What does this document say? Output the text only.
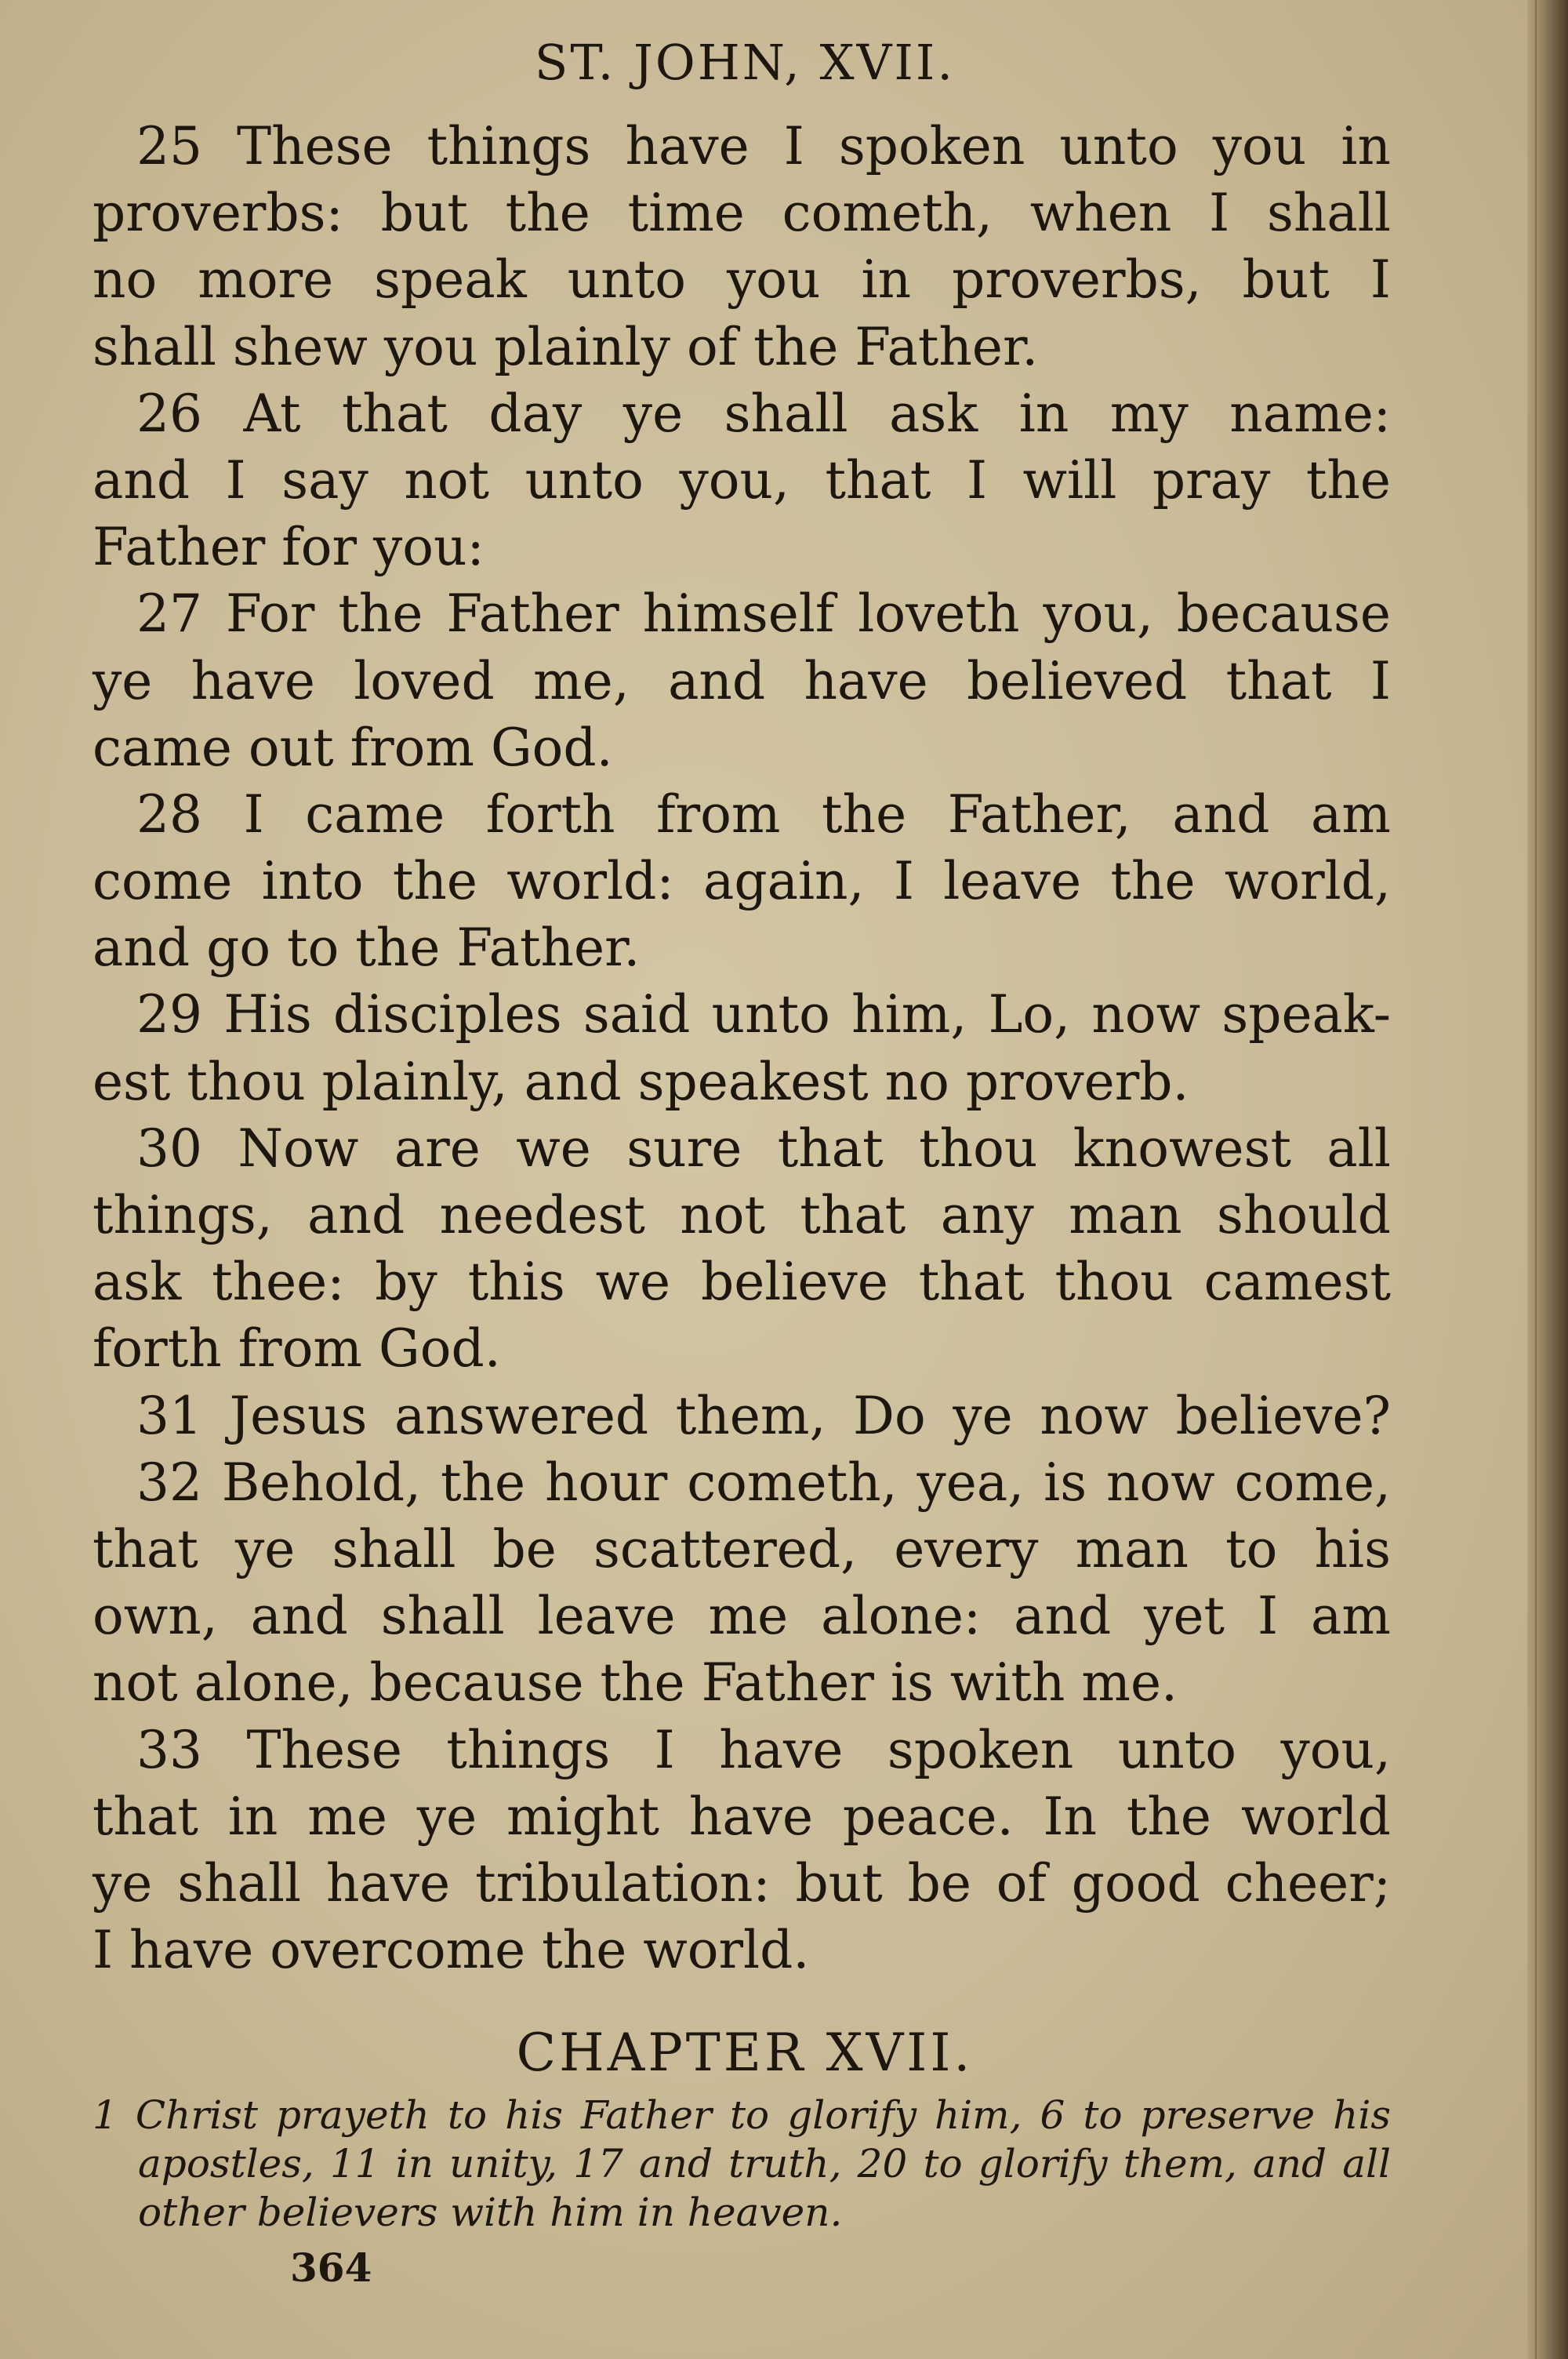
ST. JOHN, XVII.
25 These things have I spoken unto you in
proverbs: but the time cometh, when I shall
no more speak unto you in proverbs, but I
shall shew you plainly of the Father.
26 At that day ye shall ask in my name:
and I say not unto you, that I will pray the
Father for you:
27 For the Father himself loveth you, because
ye have loved me, and have believed that I
came out from God.
28 I came forth from the Father, and am
come into the world: again, I leave the world,
and go to the Father.
29 His disciples said unto him, Lo, now speak-
est thou plainly, and speakest no proverb.
30 Now are we sure that thou knowest all
things, and needest not that any man should
ask thee: by this we believe that thou camest
forth from God.
31 Jesus answered them, Do ye now believe?
32 Behold, the hour cometh, yea, is now come,
that ye shall be scattered, every man to his
own, and shall leave me alone: and yet I am
not alone, because the Father is with me.
33 These things I have spoken unto you,
that in me ye might have peace. In the world
ye shall have tribulation: but be of good cheer;
I have overcome the world.
CHAPTER XVII.
1 Christ prayeth to his Father to glorify him, 6 to preserve his
apostles, 11 in unity, 17 and truth, 20 to glorify them, and all
other believers with him in heaven.
364
